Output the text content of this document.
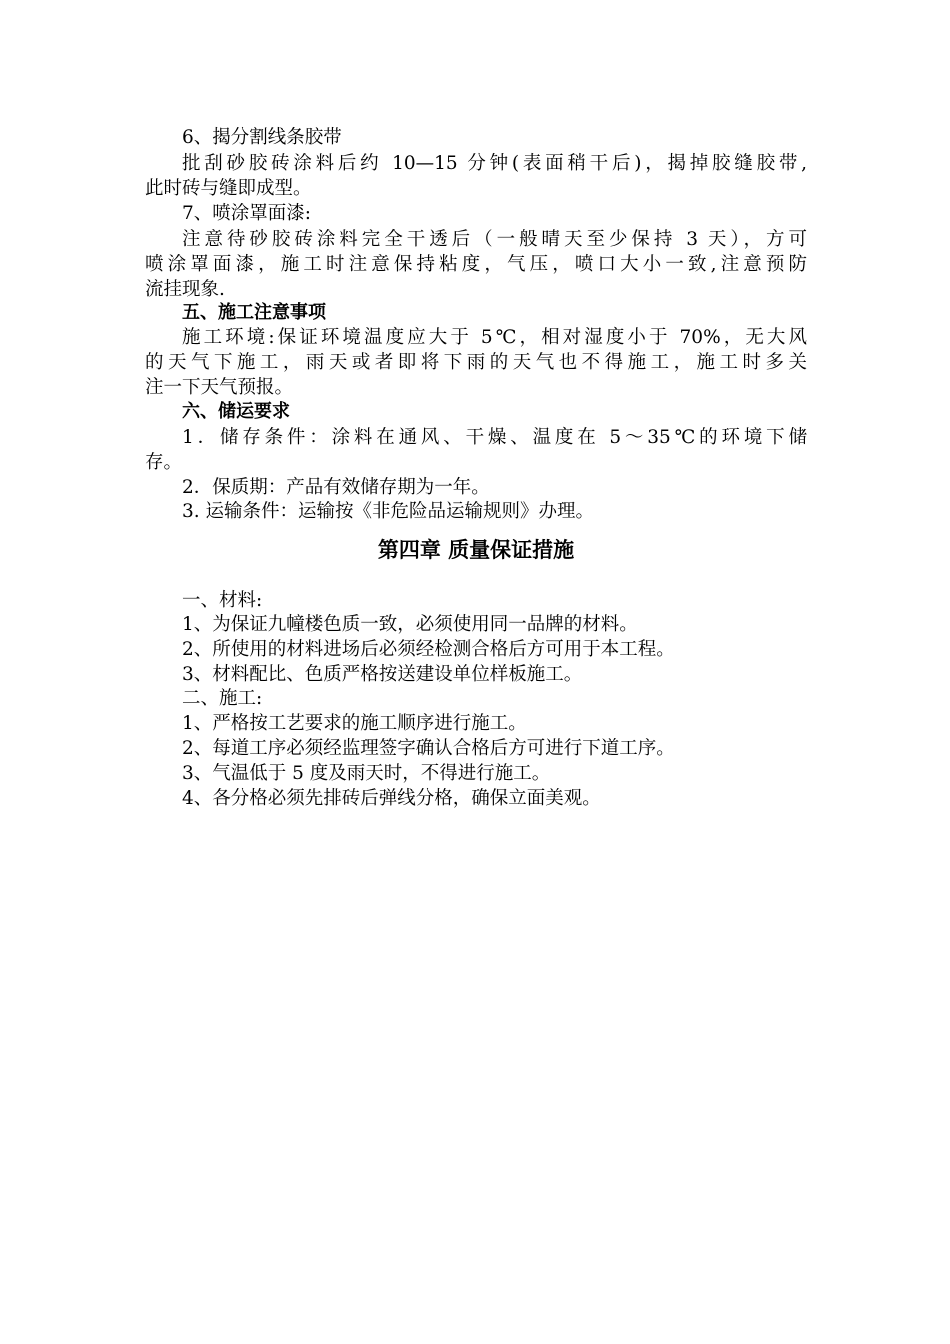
6、揭分割线条胶带
批刮砂胶砖涂料后约 10—15 分钟(表面稍干后)，揭掉胶缝胶带,
此时砖与缝即成型。
7、喷涂罩面漆:
注意待砂胶砖涂料完全干透后（一般晴天至少保持 3 天），方可
喷涂罩面漆，施工时注意保持粘度，气压，喷口大小一致,注意预防
流挂现象.
五、施工注意事项
施工环境:保证环境温度应大于 5℃，相对湿度小于 70%，无大风
的天气下施工，雨天或者即将下雨的天气也不得施工，施工时多关
注一下天气预报。
六、储运要求
1．储存条件：涂料在通风、干燥、温度在 5～35℃的环境下储
存。
2．保质期：产品有效储存期为一年。
3. 运输条件：运输按《非危险品运输规则》办理。
第四章 质量保证措施
一、材料:
1、为保证九幢楼色质一致，必须使用同一品牌的材料。
2、所使用的材料进场后必须经检测合格后方可用于本工程。
3、材料配比、色质严格按送建设单位样板施工。
二、施工:
1、严格按工艺要求的施工顺序进行施工。
2、每道工序必须经监理签字确认合格后方可进行下道工序。
3、气温低于 5 度及雨天时，不得进行施工。
4、各分格必须先排砖后弹线分格，确保立面美观。
